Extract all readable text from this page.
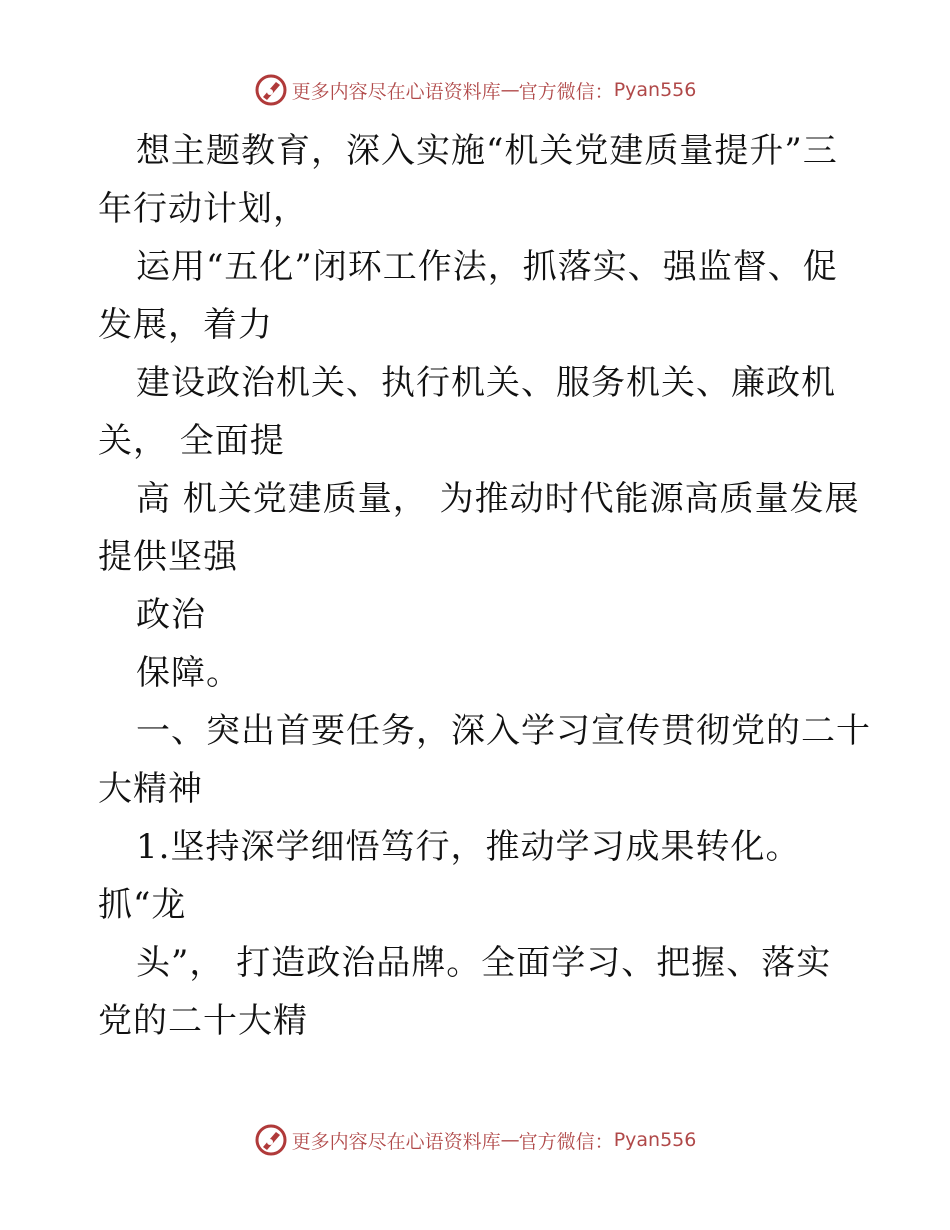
更多内容尽在心语资料库 — 官方微信： Pyan556
想主题教育，深入实施“机关党建质量提升”三
年行动计划，
运用“五化”闭环工作法，抓落实、强监督、促
发展，着力
建设政治机关、执行机关、服务机关、廉政机
关， 全面提
高 机关党建质量， 为推动时代能源高质量发展
提供坚强
政治
保障。
一、突出首要任务，深入学习宣传贯彻党的二十
大精神
1.坚持深学细悟笃行，推动学习成果转化。
抓“龙
头”， 打造政治品牌。全面学习、把握、落实
党的二十大精
更多内容尽在心语资料库 — 官方微信： Pyan556
